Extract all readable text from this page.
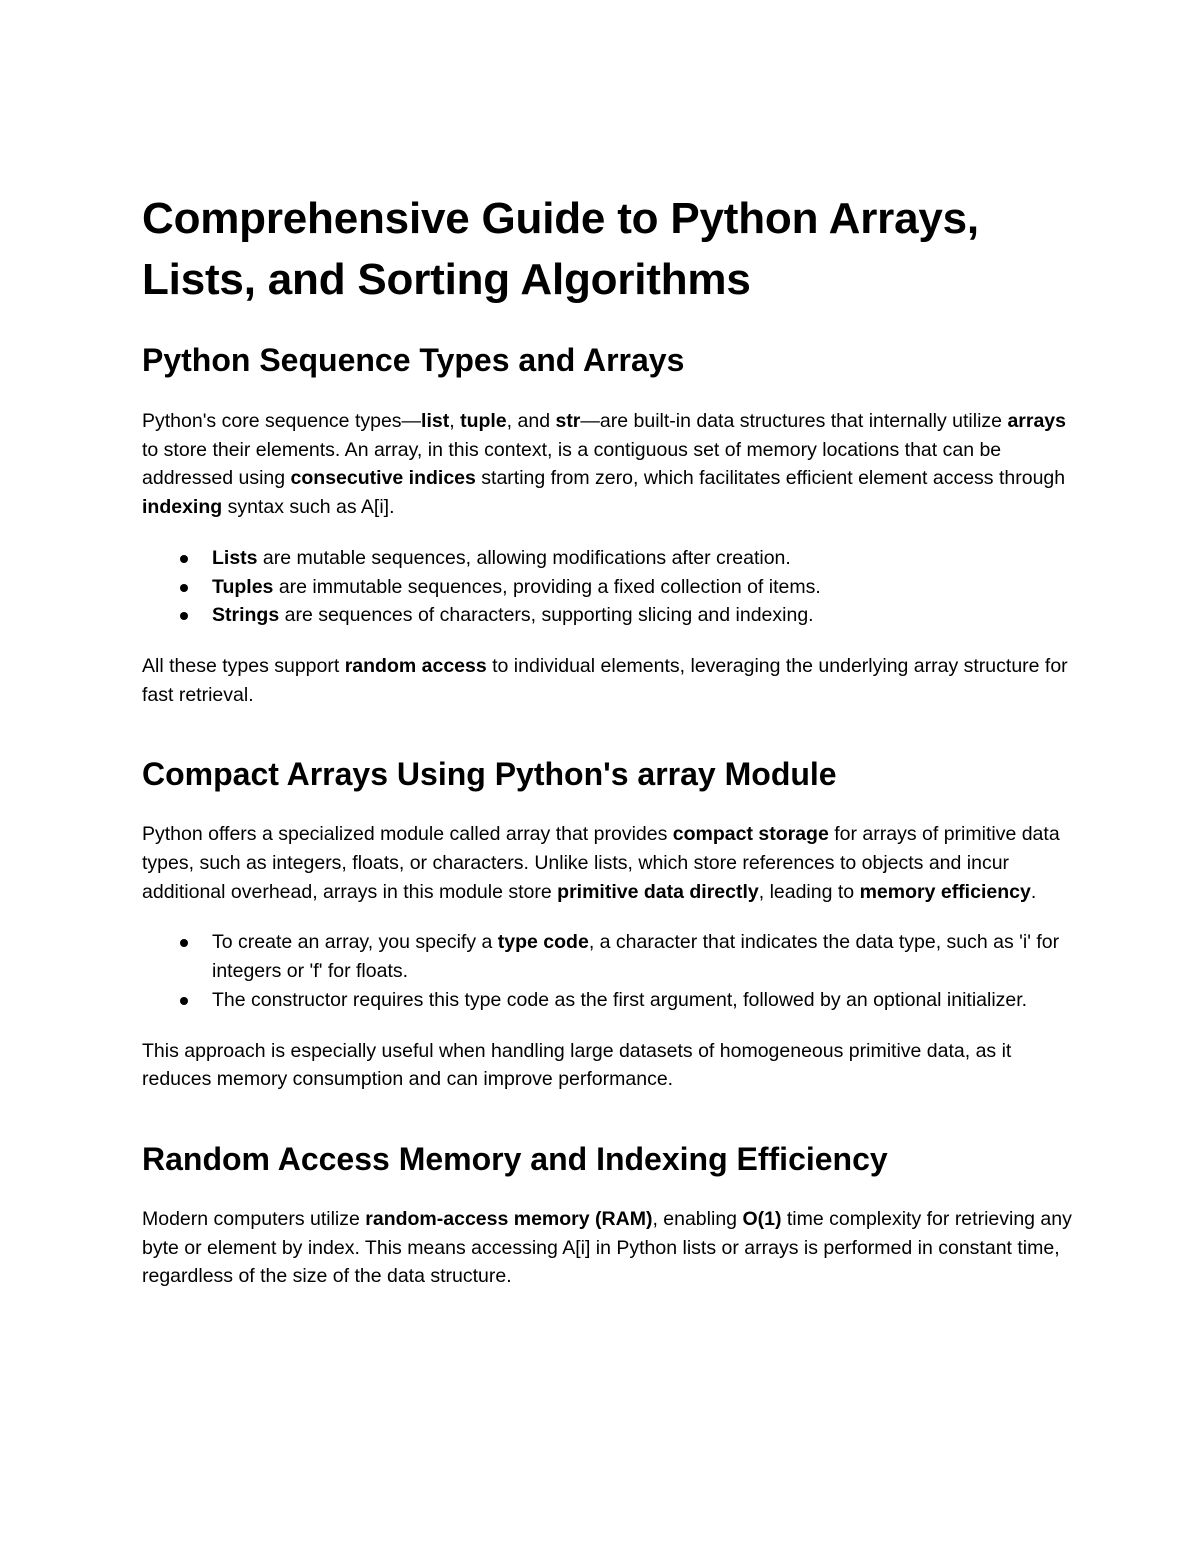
Comprehensive Guide to Python Arrays, Lists, and Sorting Algorithms
Python Sequence Types and Arrays

Python's core sequence types—list, tuple, and str—are built-in data structures that internally utilize arrays to store their elements. An array, in this context, is a contiguous set of memory locations that can be addressed using consecutive indices starting from zero, which facilitates efficient element access through indexing syntax such as A[i].

Lists are mutable sequences, allowing modifications after creation.
Tuples are immutable sequences, providing a fixed collection of items.
Strings are sequences of characters, supporting slicing and indexing.

All these types support random access to individual elements, leveraging the underlying array structure for fast retrieval.

Compact Arrays Using Python's array Module

Python offers a specialized module called array that provides compact storage for arrays of primitive data types, such as integers, floats, or characters. Unlike lists, which store references to objects and incur additional overhead, arrays in this module store primitive data directly, leading to memory efficiency.

To create an array, you specify a type code, a character that indicates the data type, such as 'i' for integers or 'f' for floats.
The constructor requires this type code as the first argument, followed by an optional initializer.

This approach is especially useful when handling large datasets of homogeneous primitive data, as it reduces memory consumption and can improve performance.

Random Access Memory and Indexing Efficiency

Modern computers utilize random-access memory (RAM), enabling O(1) time complexity for retrieving any byte or element by index. This means accessing A[i] in Python lists or arrays is performed in constant time, regardless of the size of the data structure.
